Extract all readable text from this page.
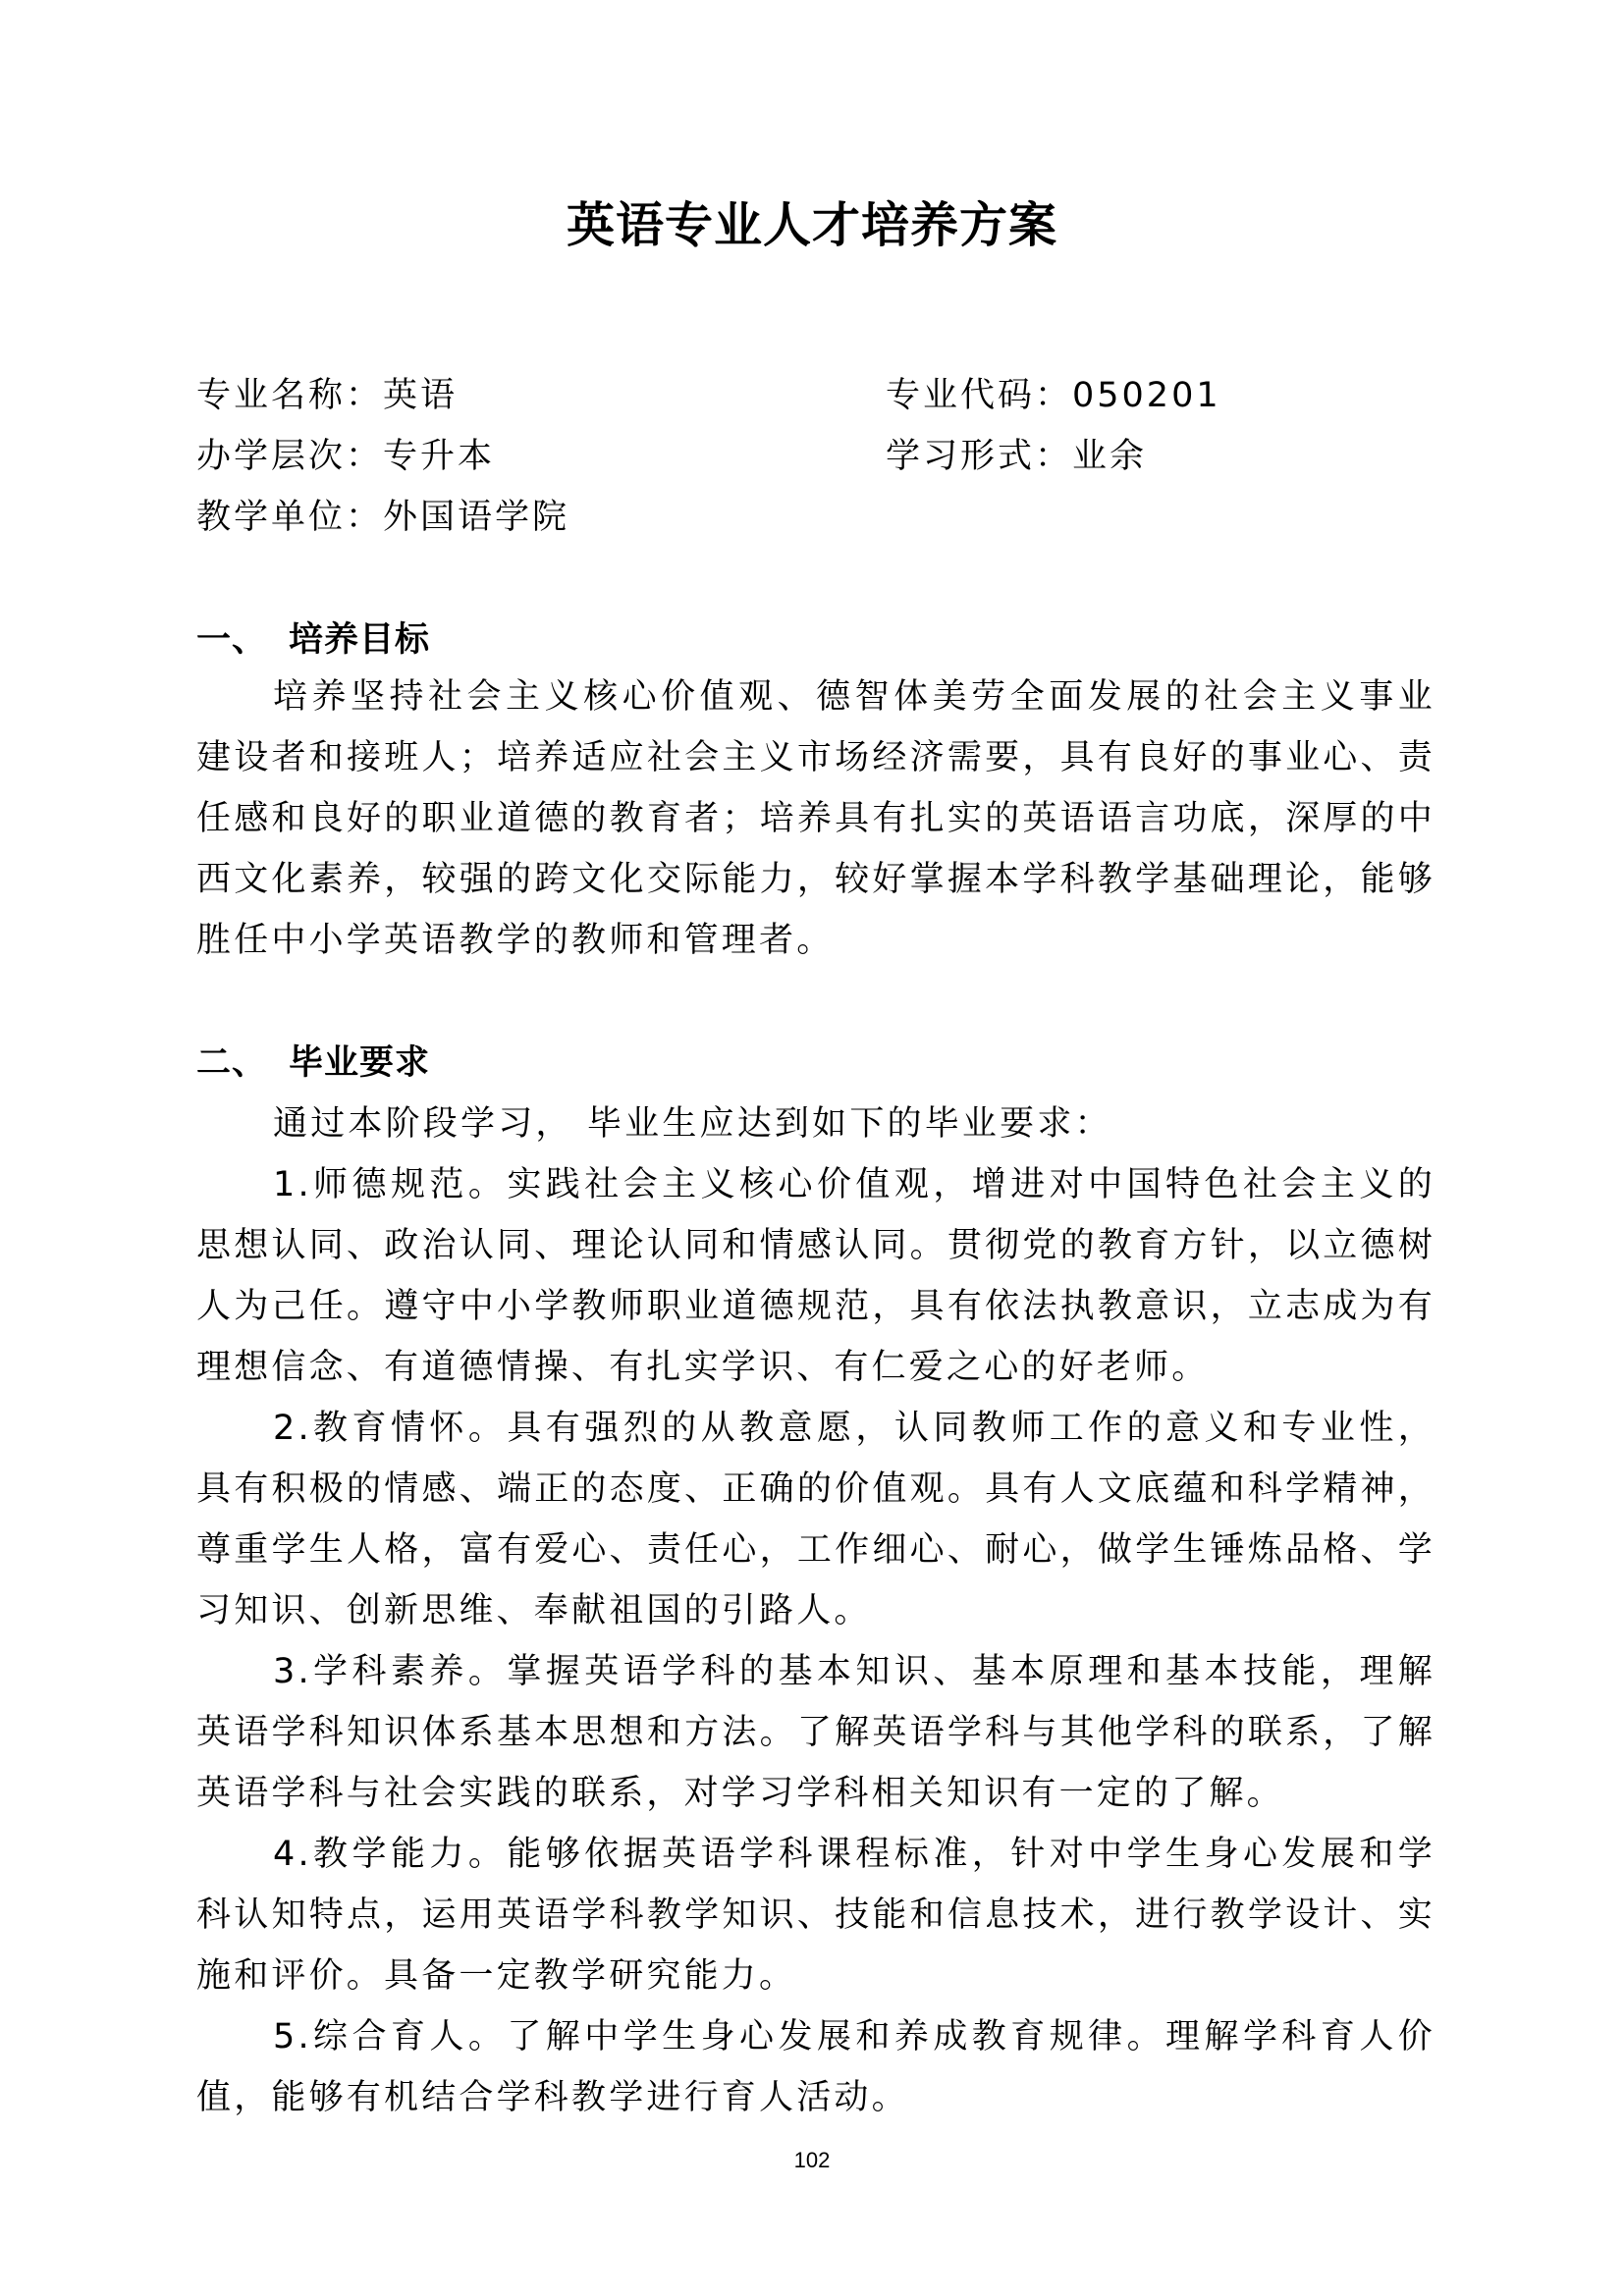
英语专业人才培养方案
专业名称：英语	专业代码：050201
办学层次：专升本	学习形式：业余
教学单位：外国语学院
一、 培养目标

培养坚持社会主义核心价值观、德智体美劳全面发展的社会主义事业建设者和接班人；培养适应社会主义市场经济需要，具有良好的事业心、责任感和良好的职业道德的教育者；培养具有扎实的英语语言功底，深厚的中西文化素养，较强的跨文化交际能力，较好掌握本学科教学基础理论，能够胜任中小学英语教学的教师和管理者。

二、 毕业要求

通过本阶段学习， 毕业生应达到如下的毕业要求：

1.师德规范。实践社会主义核心价值观，增进对中国特色社会主义的思想认同、政治认同、理论认同和情感认同。贯彻党的教育方针，以立德树人为己任。遵守中小学教师职业道德规范，具有依法执教意识，立志成为有理想信念、有道德情操、有扎实学识、有仁爱之心的好老师。

2.教育情怀。具有强烈的从教意愿，认同教师工作的意义和专业性，具有积极的情感、端正的态度、正确的价值观。具有人文底蕴和科学精神，尊重学生人格，富有爱心、责任心，工作细心、耐心，做学生锤炼品格、学习知识、创新思维、奉献祖国的引路人。

3.学科素养。掌握英语学科的基本知识、基本原理和基本技能，理解英语学科知识体系基本思想和方法。了解英语学科与其他学科的联系，了解英语学科与社会实践的联系，对学习学科相关知识有一定的了解。

4.教学能力。能够依据英语学科课程标准，针对中学生身心发展和学科认知特点，运用英语学科教学知识、技能和信息技术，进行教学设计、实施和评价。具备一定教学研究能力。

5.综合育人。了解中学生身心发展和养成教育规律。理解学科育人价值，能够有机结合学科教学进行育人活动。

102
